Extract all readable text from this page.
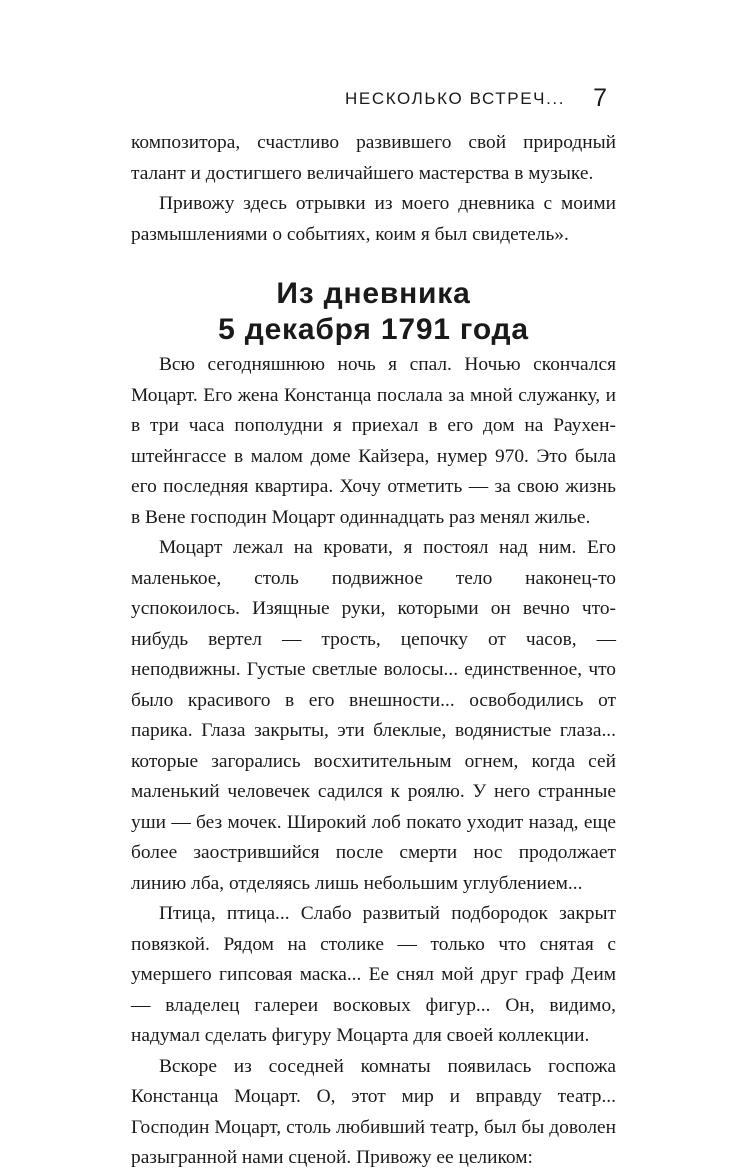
НЕСКОЛЬКО ВСТРЕЧ... 7

композитора, счастливо развившего свой природный талант и достигшего величайшего мастерства в музыке.

Привожу здесь отрывки из моего дневника с моими размышлениями о событиях, коим я был свидетель».

Из дневника
5 декабря 1791 года

Всю сегодняшнюю ночь я спал. Ночью скончался Моцарт. Его жена Констанца послала за мной служанку, и в три часа пополудни я приехал в его дом на Раухен-штейнгассе в малом доме Кайзера, нумер 970. Это была его последняя квартира. Хочу отметить — за свою жизнь в Вене господин Моцарт одиннадцать раз менял жилье.

Моцарт лежал на кровати, я постоял над ним. Его маленькое, столь подвижное тело наконец-то успокоилось. Изящные руки, которыми он вечно что-нибудь вертел — трость, цепочку от часов, — неподвижны. Густые светлые волосы... единственное, что было красивого в его внешности... освободились от парика. Глаза закрыты, эти блеклые, водянистые глаза... которые загорались восхитительным огнем, когда сей маленький человечек садился к роялю. У него странные уши — без мочек. Широкий лоб покато уходит назад, еще более заострившийся после смерти нос продолжает линию лба, отделяясь лишь небольшим углублением...

Птица, птица... Слабо развитый подбородок закрыт повязкой. Рядом на столике — только что снятая с умершего гипсовая маска... Ее снял мой друг граф Деим — владелец галереи восковых фигур... Он, видимо, надумал сделать фигуру Моцарта для своей коллекции.

Вскоре из соседней комнаты появилась госпожа Констанца Моцарт. О, этот мир и вправду театр... Господин Моцарт, столь любивший театр, был бы доволен разыгранной нами сценой. Привожу ее целиком:
